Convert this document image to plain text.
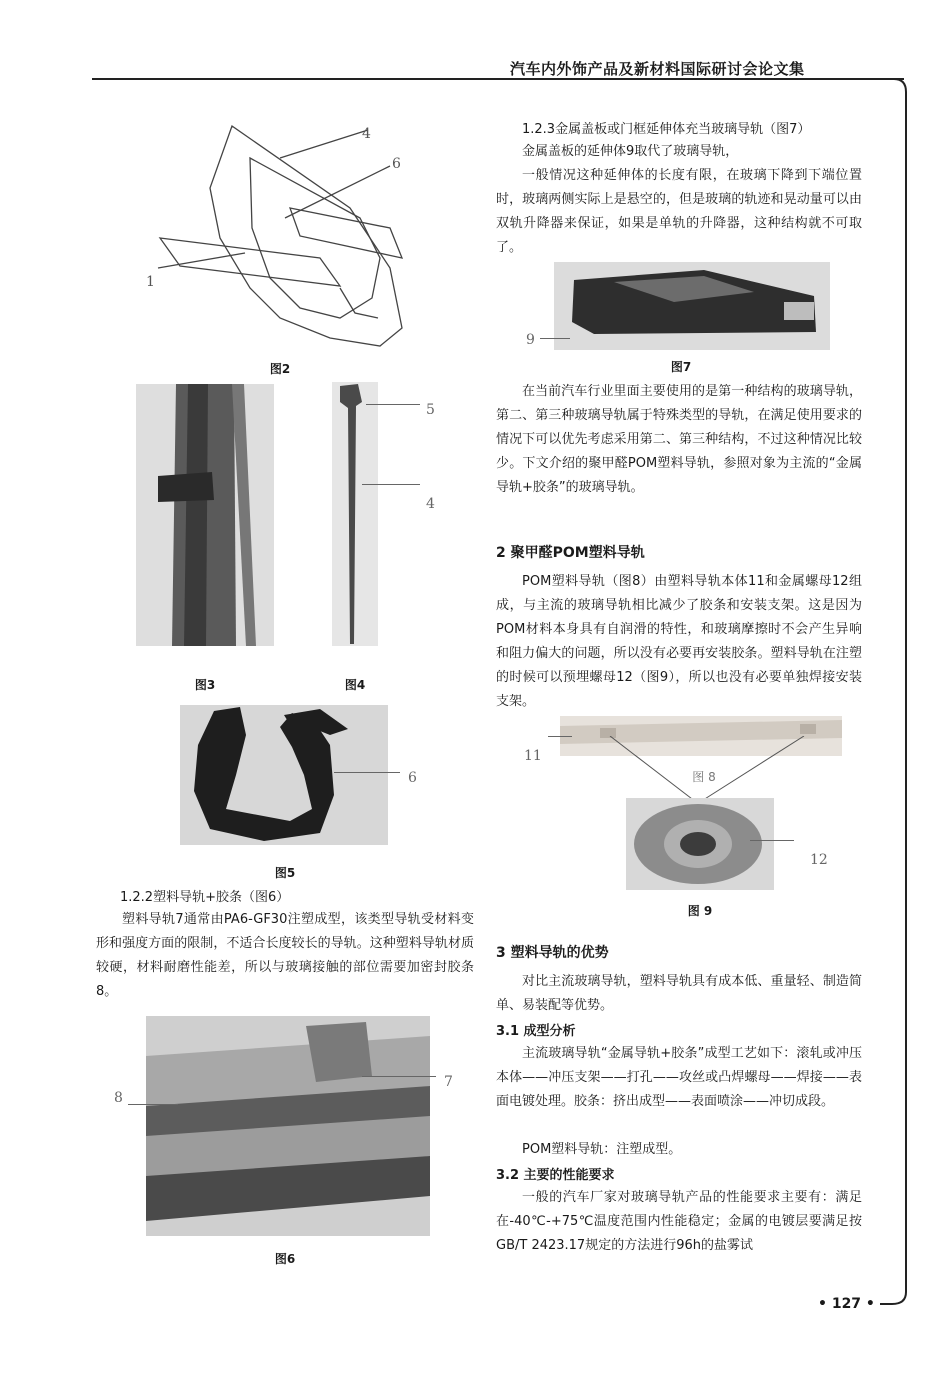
汽车内外饰产品及新材料国际研讨会论文集
• 127 •
4
6
1
图2
图3
5
4
图4
6
图5
1.2.2塑料导轨+胶条（图6）
塑料导轨7通常由PA6-GF30注塑成型，该类型导轨受材料变形和强度方面的限制，不适合长度较长的导轨。这种塑料导轨材质较硬，材料耐磨性能差，所以与玻璃接触的部位需要加密封胶条8。
7
8
图6
1.2.3金属盖板或门框延伸体充当玻璃导轨（图7）
金属盖板的延伸体9取代了玻璃导轨，
一般情况这种延伸体的长度有限，在玻璃下降到下端位置时，玻璃两侧实际上是悬空的，但是玻璃的轨迹和晃动量可以由双轨升降器来保证，如果是单轨的升降器，这种结构就不可取了。
9
图7
在当前汽车行业里面主要使用的是第一种结构的玻璃导轨，第二、第三种玻璃导轨属于特殊类型的导轨，在满足使用要求的情况下可以优先考虑采用第二、第三种结构，不过这种情况比较少。下文介绍的聚甲醛POM塑料导轨，参照对象为主流的“金属导轨+胶条”的玻璃导轨。
2 聚甲醛POM塑料导轨
POM塑料导轨（图8）由塑料导轨本体11和金属螺母12组成，与主流的玻璃导轨相比减少了胶条和安装支架。这是因为POM材料本身具有自润滑的特性，和玻璃摩擦时不会产生异响和阻力偏大的问题，所以没有必要再安装胶条。塑料导轨在注塑的时候可以预埋螺母12（图9），所以也没有必要单独焊接安装支架。
11
图 8
12
图 9
3 塑料导轨的优势
对比主流玻璃导轨，塑料导轨具有成本低、重量轻、制造简单、易装配等优势。
3.1 成型分析
主流玻璃导轨“金属导轨+胶条”成型工艺如下：滚轧或冲压本体——冲压支架——打孔——攻丝或凸焊螺母——焊接——表面电镀处理。胶条：挤出成型——表面喷涂——冲切成段。
POM塑料导轨：注塑成型。
3.2 主要的性能要求
一般的汽车厂家对玻璃导轨产品的性能要求主要有：满足在-40℃-+75℃温度范围内性能稳定；金属的电镀层要满足按GB/T 2423.17规定的方法进行96h的盐雾试
